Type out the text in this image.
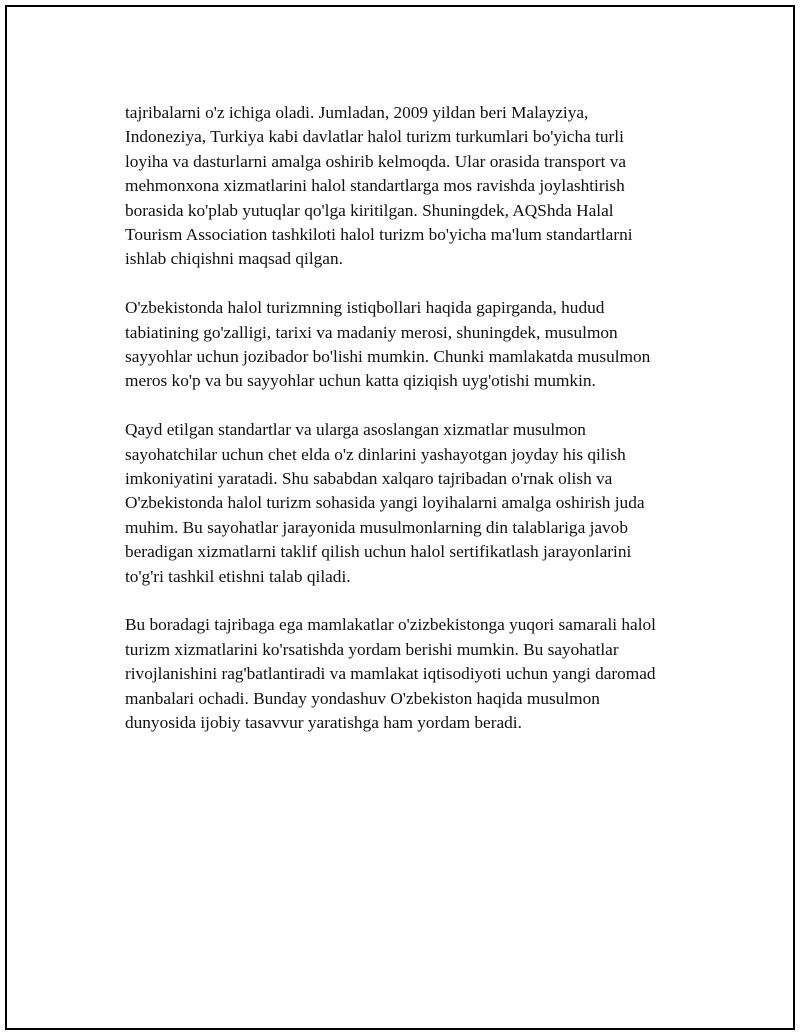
tajribalarni o'z ichiga oladi. Jumladan, 2009 yildan beri Malayziya,
Indoneziya, Turkiya kabi davlatlar halol turizm turkumlari bo'yicha turli
loyiha va dasturlarni amalga oshirib kelmoqda. Ular orasida transport va
mehmonxona xizmatlarini halol standartlarga mos ravishda joylashtirish
borasida ko'plab yutuqlar qo'lga kiritilgan. Shuningdek, AQShda Halal
Tourism Association tashkiloti halol turizm bo'yicha ma'lum standartlarni
ishlab chiqishni maqsad qilgan.

O'zbekistonda halol turizmning istiqbollari haqida gapirganda, hudud
tabiatining go'zalligi, tarixi va madaniy merosi, shuningdek, musulmon
sayyohlar uchun jozibador bo'lishi mumkin. Chunki mamlakatda musulmon
meros ko'p va bu sayyohlar uchun katta qiziqish uyg'otishi mumkin.

Qayd etilgan standartlar va ularga asoslangan xizmatlar musulmon
sayohatchilar uchun chet elda o'z dinlarini yashayotgan joyday his qilish
imkoniyatini yaratadi. Shu sababdan xalqaro tajribadan o'rnak olish va
O'zbekistonda halol turizm sohasida yangi loyihalarni amalga oshirish juda
muhim. Bu sayohatlar jarayonida musulmonlarning din talablariga javob
beradigan xizmatlarni taklif qilish uchun halol sertifikatlash jarayonlarini
to'g'ri tashkil etishni talab qiladi.

Bu boradagi tajribaga ega mamlakatlar o'zizbekistonga yuqori samarali halol
turizm xizmatlarini ko'rsatishda yordam berishi mumkin. Bu sayohatlar
rivojlanishini rag'batlantiradi va mamlakat iqtisodiyoti uchun yangi daromad
manbalari ochadi. Bunday yondashuv O'zbekiston haqida musulmon
dunyosida ijobiy tasavvur yaratishga ham yordam beradi.
